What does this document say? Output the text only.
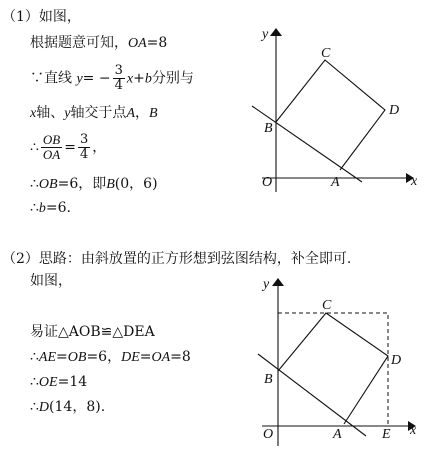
（1）如图，
根据题意可知，OA=8
∵直线 $y= - \frac{3}{4} x+b$分别与
x轴、y轴交于点A，B
∴ $\frac{OB}{OA} = \frac{3}{4}$ ，
∴OB=6，即B(0，6)
∴b=6.
y
x
O	A
B
C
D
（2）思路：由斜放置的正方形想到弦图结构，补全即可.
如图，
易证△AOB≌△DEA
∴AE=OB=6，DE=OA=8
∴OE=14
∴D(14，8).
y
x
O	A
B
C
D
E
